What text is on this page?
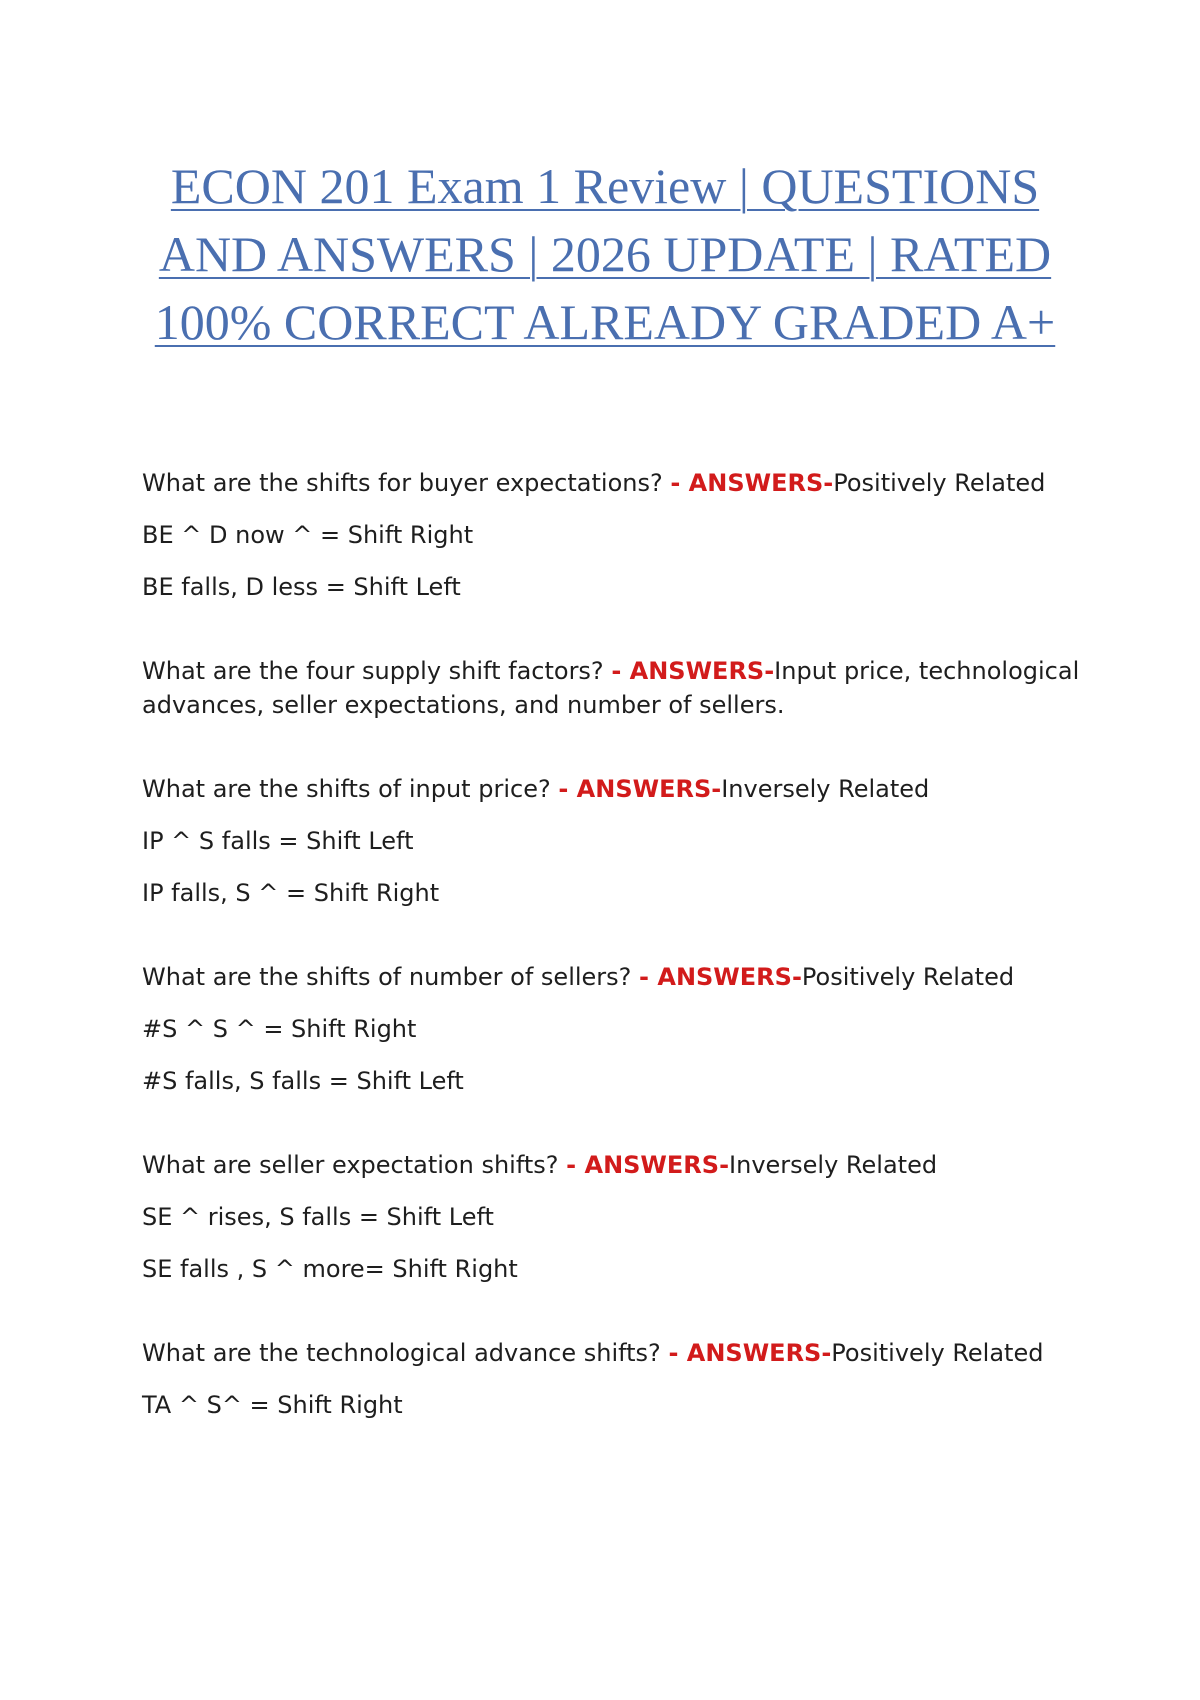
ECON 201 Exam 1 Review | QUESTIONS AND ANSWERS | 2026 UPDATE | RATED 100% CORRECT ALREADY GRADED A+

What are the shifts for buyer expectations? - ANSWERS-Positively Related

BE ^ D now ^ = Shift Right

BE falls, D less = Shift Left

What are the four supply shift factors? - ANSWERS-Input price, technological advances, seller expectations, and number of sellers.

What are the shifts of input price? - ANSWERS-Inversely Related

IP ^ S falls = Shift Left

IP falls, S ^ = Shift Right

What are the shifts of number of sellers? - ANSWERS-Positively Related

#S ^ S ^ = Shift Right

#S falls, S falls = Shift Left

What are seller expectation shifts? - ANSWERS-Inversely Related

SE ^ rises, S falls = Shift Left

SE falls , S ^ more= Shift Right

What are the technological advance shifts? - ANSWERS-Positively Related

TA ^ S^ = Shift Right
